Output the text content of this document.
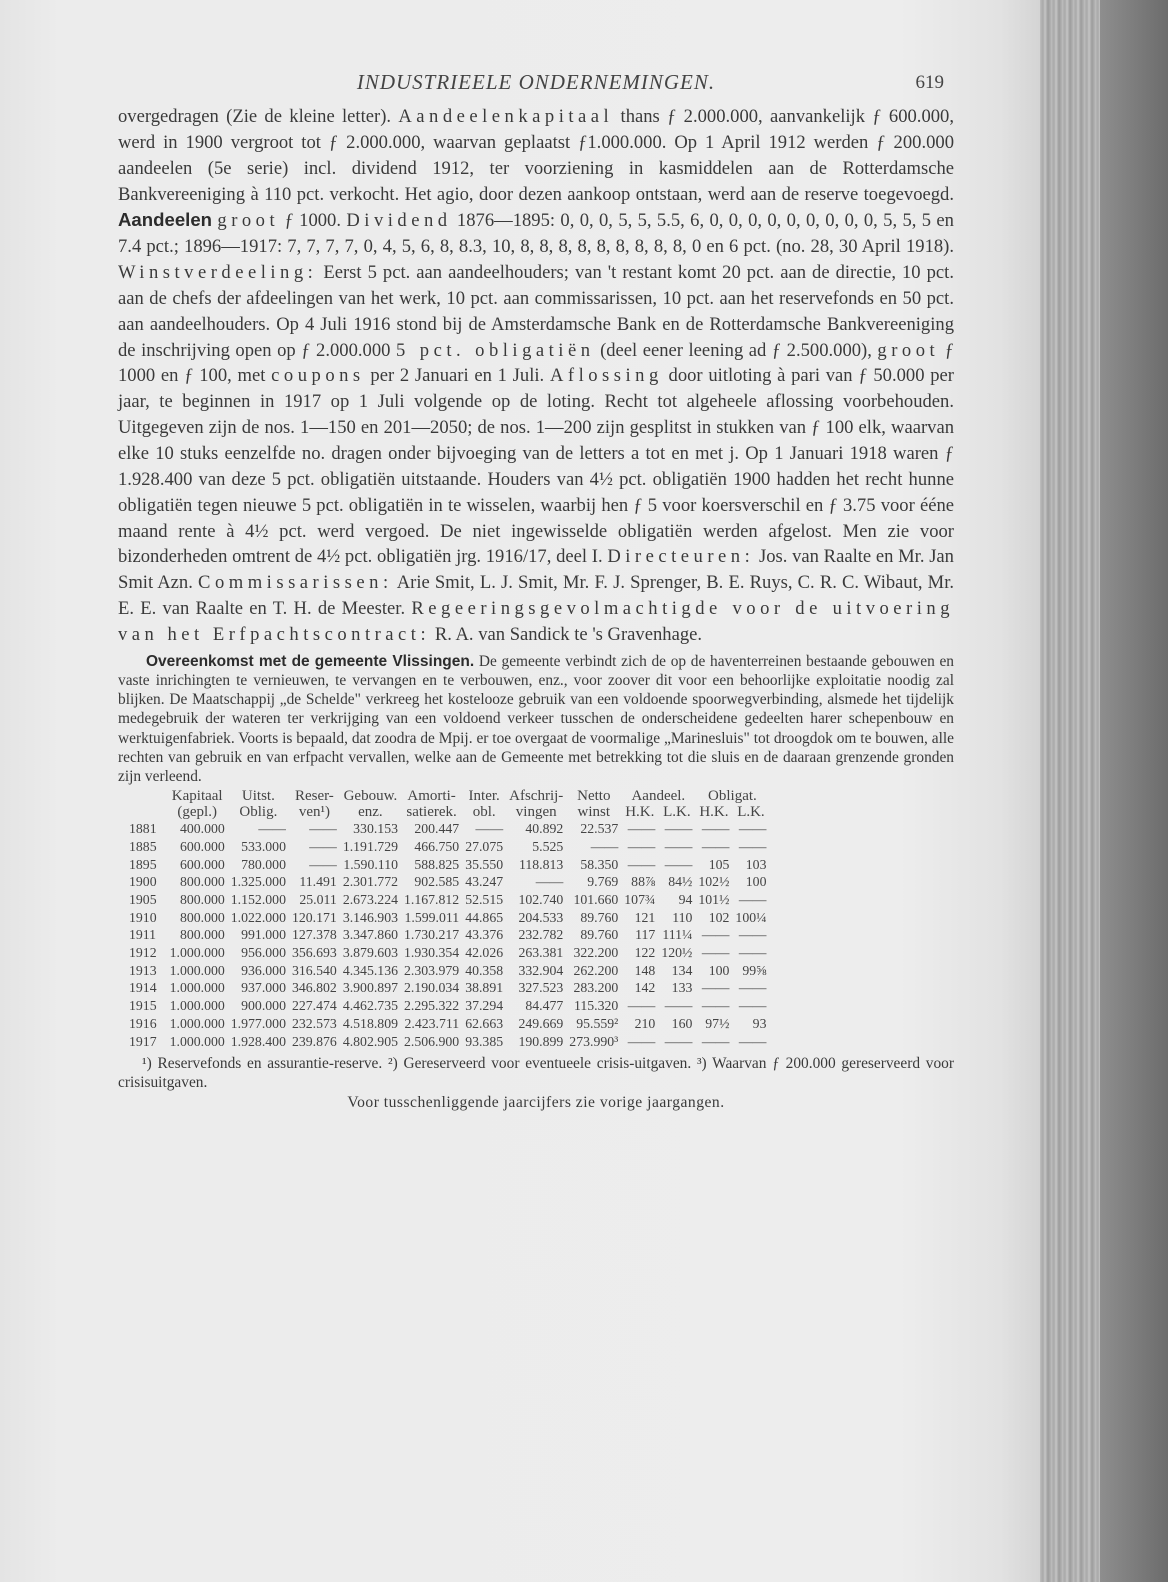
INDUSTRIEELE ONDERNEMINGEN.	619

overgedragen (Zie de kleine letter). Aandeelenkapitaal thans ƒ 2.000.000, aanvankelijk ƒ 600.000, werd in 1900 vergroot tot ƒ 2.000.000, waarvan geplaatst ƒ1.000.000. Op 1 April 1912 werden ƒ 200.000 aandeelen (5e serie) incl. dividend 1912, ter voorziening in kasmiddelen aan de Rotterdamsche Bankvereeniging à 110 pct. verkocht. Het agio, door dezen aankoop ontstaan, werd aan de reserve toegevoegd. Aandeelen groot ƒ 1000. Dividend 1876—1895: 0, 0, 0, 5, 5, 5.5, 6, 0, 0, 0, 0, 0, 0, 0, 0, 0, 5, 5, 5 en 7.4 pct.; 1896—1917: 7, 7, 7, 7, 0, 4, 5, 6, 8, 8.3, 10, 8, 8, 8, 8, 8, 8, 8, 8, 8, 0 en 6 pct. (no. 28, 30 April 1918). Winstverdeeling: Eerst 5 pct. aan aandeelhouders; van 't restant komt 20 pct. aan de directie, 10 pct. aan de chefs der afdeelingen van het werk, 10 pct. aan commissarissen, 10 pct. aan het reservefonds en 50 pct. aan aandeelhouders. Op 4 Juli 1916 stond bij de Amsterdamsche Bank en de Rotterdamsche Bankvereeniging de inschrijving open op ƒ 2.000.000 5 pct. obligatiën (deel eener leening ad ƒ 2.500.000), groot ƒ 1000 en ƒ 100, met coupons per 2 Januari en 1 Juli. Aflossing door uitloting à pari van ƒ 50.000 per jaar, te beginnen in 1917 op 1 Juli volgende op de loting. Recht tot algeheele aflossing voorbehouden. Uitgegeven zijn de nos. 1—150 en 201—2050; de nos. 1—200 zijn gesplitst in stukken van ƒ 100 elk, waarvan elke 10 stuks eenzelfde no. dragen onder bijvoeging van de letters a tot en met j. Op 1 Januari 1918 waren ƒ 1.928.400 van deze 5 pct. obligatiën uitstaande. Houders van 4½ pct. obligatiën 1900 hadden het recht hunne obligatiën tegen nieuwe 5 pct. obligatiën in te wisselen, waarbij hen ƒ 5 voor koersverschil en ƒ 3.75 voor ééne maand rente à 4½ pct. werd vergoed. De niet ingewisselde obligatiën werden afgelost. Men zie voor bizonderheden omtrent de 4½ pct. obligatiën jrg. 1916/17, deel I. Directeuren: Jos. van Raalte en Mr. Jan Smit Azn. Commissarissen: Arie Smit, L. J. Smit, Mr. F. J. Sprenger, B. E. Ruys, C. R. C. Wibaut, Mr. E. E. van Raalte en T. H. de Meester. Regeeringsgevolmachtigde voor de uitvoering van het Erfpachtscontract: R. A. van Sandick te 's Gravenhage.

Overeenkomst met de gemeente Vlissingen. De gemeente verbindt zich de op de haventerreinen bestaande gebouwen en vaste inrichingten te vernieuwen, te vervangen en te verbouwen, enz., voor zoover dit voor een behoorlijke exploitatie noodig zal blijken. De Maatschappij „de Schelde" verkreeg het kostelooze gebruik van een voldoende spoorwegverbinding, alsmede het tijdelijk medegebruik der wateren ter verkrijging van een voldoend verkeer tusschen de onderscheidene gedeelten harer schepenbouw en werktuigenfabriek. Voorts is bepaald, dat zoodra de Mpij. er toe overgaat de voormalige „Marinesluis" tot droogdok om te bouwen, alle rechten van gebruik en van erfpacht vervallen, welke aan de Gemeente met betrekking tot die sluis en de daaraan grenzende gronden zijn verleend.

	Kapitaal	Uitst.	Reser-	Gebouw.	Amorti-	Inter.	Afschrij-	Netto	Aandeel.		Obligat.	
	(gepl.)	Oblig.	ven¹)	enz.	satierek.	obl.	vingen	winst	H.K.	L.K.	H.K.	L.K.
1881	400.000	——	——	330.153	200.447	——	40.892	22.537	——	——	——	——
1885	600.000	533.000	——	1.191.729	466.750	27.075	5.525	——	——	——	——	——
1895	600.000	780.000	——	1.590.110	588.825	35.550	118.813	58.350	——	——	105	103
1900	800.000	1.325.000	11.491	2.301.772	902.585	43.247	——	9.769	88⅞	84½	102½	100
1905	800.000	1.152.000	25.011	2.673.224	1.167.812	52.515	102.740	101.660	107¾	94	101½	——
1910	800.000	1.022.000	120.171	3.146.903	1.599.011	44.865	204.533	89.760	121	110	102	100¼
1911	800.000	991.000	127.378	3.347.860	1.730.217	43.376	232.782	89.760	117	111¼	——	——
1912	1.000.000	956.000	356.693	3.879.603	1.930.354	42.026	263.381	322.200	122	120½	——	——
1913	1.000.000	936.000	316.540	4.345.136	2.303.979	40.358	332.904	262.200	148	134	100	99⅝
1914	1.000.000	937.000	346.802	3.900.897	2.190.034	38.891	327.523	283.200	142	133	——	——
1915	1.000.000	900.000	227.474	4.462.735	2.295.322	37.294	84.477	115.320	——	——	——	——
1916	1.000.000	1.977.000	232.573	4.518.809	2.423.711	62.663	249.669	95.559²	210	160	97½	93
1917	1.000.000	1.928.400	239.876	4.802.905	2.506.900	93.385	190.899	273.990³	——	——	——	——

¹) Reservefonds en assurantie-reserve. ²) Gereserveerd voor eventueele crisis-uitgaven. ³) Waarvan ƒ 200.000 gereserveerd voor crisisuitgaven.

Voor tusschenliggende jaarcijfers zie vorige jaargangen.
